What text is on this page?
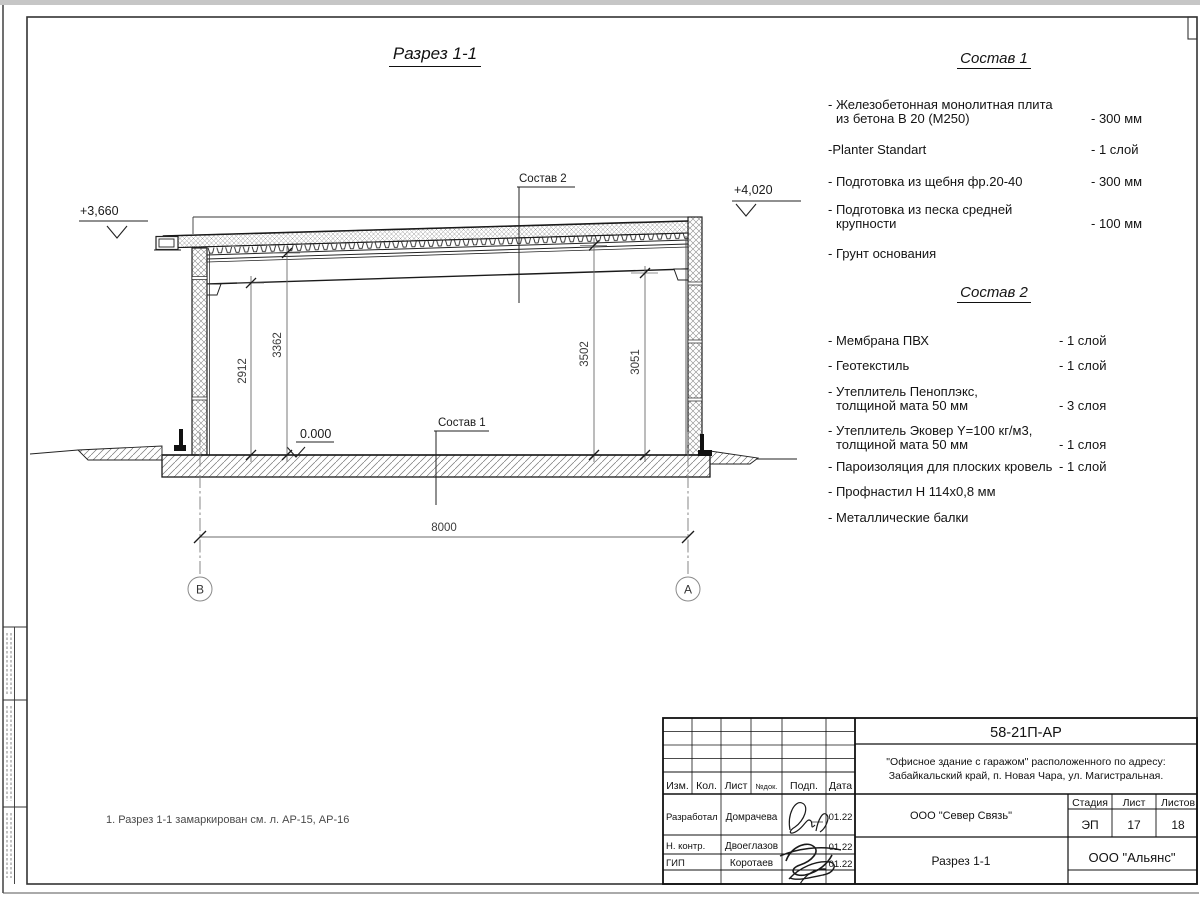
Состав 2
Состав 1
+3,660
+4,020
0.000
2912
3362	3502	3051
8000
В	А
Изм. Кол. Лист №док. Подп. Дата
Разработал Домрачева	01.22
Н. контр. Двоеглазов	01.22
ГИП	Коротаев	01.22
58-21П-АР
"Офисное здание с гаражом" расположенного по адресу:
Забайкальский край, п. Новая Чара, ул. Магистральная.
ООО "Север Связь"
Разрез 1-1
Стадия Лист Листов
ЭП 17	18
ООО "Альянс"
Разрез 1-1	Состав 1
- Железобетонная монолитная плита
из бетона В 20 (М250)	- 300 мм
-Planter Standart	- 1 слой
- Подготовка из щебня фр.20-40	- 300 мм
- Подготовка из песка средней
крупности	- 100 мм
- Грунт основания
Состав 2
- Мембрана ПВХ	- 1 слой
- Геотекстиль	- 1 слой
- Утеплитель Пеноплэкс,
толщиной мата 50 мм	- 3 слоя
- Утеплитель Эковер Y=100 кг/м3,
толщиной мата 50 мм	- 1 слоя
- Пароизоляция для плоских кровель - 1 слой
- Профнастил Н 114х0,8 мм
- Металлические балки
1. Разрез 1-1 замаркирован см. л. АР-15, АР-16
